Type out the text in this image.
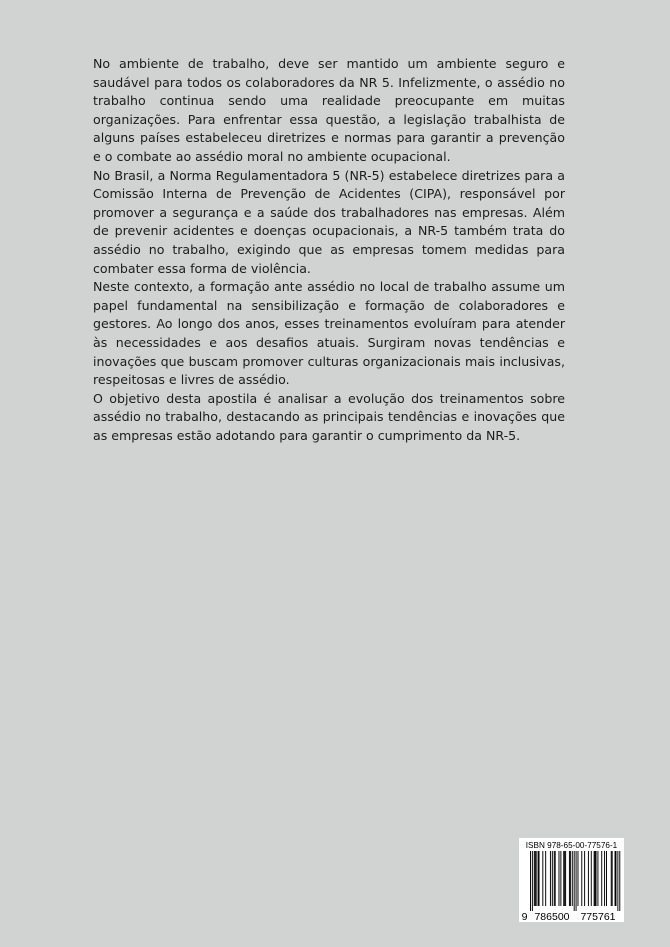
No ambiente de trabalho, deve ser mantido um ambiente seguro e saudável para todos os colaboradores da NR 5. Infelizmente, o assédio no trabalho continua sendo uma realidade preocupante em muitas organizações. Para enfrentar essa questão, a legislação trabalhista de alguns países estabeleceu diretrizes e normas para garantir a prevenção e o combate ao assédio moral no ambiente ocupacional.

No Brasil, a Norma Regulamentadora 5 (NR-5) estabelece diretrizes para a Comissão Interna de Prevenção de Acidentes (CIPA), responsável por promover a segurança e a saúde dos trabalhadores nas empresas. Além de prevenir acidentes e doenças ocupacionais, a NR-5 também trata do assédio no trabalho, exigindo que as empresas tomem medidas para combater essa forma de violência.

Neste contexto, a formação ante assédio no local de trabalho assume um papel fundamental na sensibilização e formação de colaboradores e gestores. Ao longo dos anos, esses treinamentos evoluíram para atender às necessidades e aos desafios atuais. Surgiram novas tendências e inovações que buscam promover culturas organizacionais mais inclusivas, respeitosas e livres de assédio.

O objetivo desta apostila é analisar a evolução dos treinamentos sobre assédio no trabalho, destacando as principais tendências e inovações que as empresas estão adotando para garantir o cumprimento da NR-5.

ISBN 978-65-00-77576-1
9 786500 775761
